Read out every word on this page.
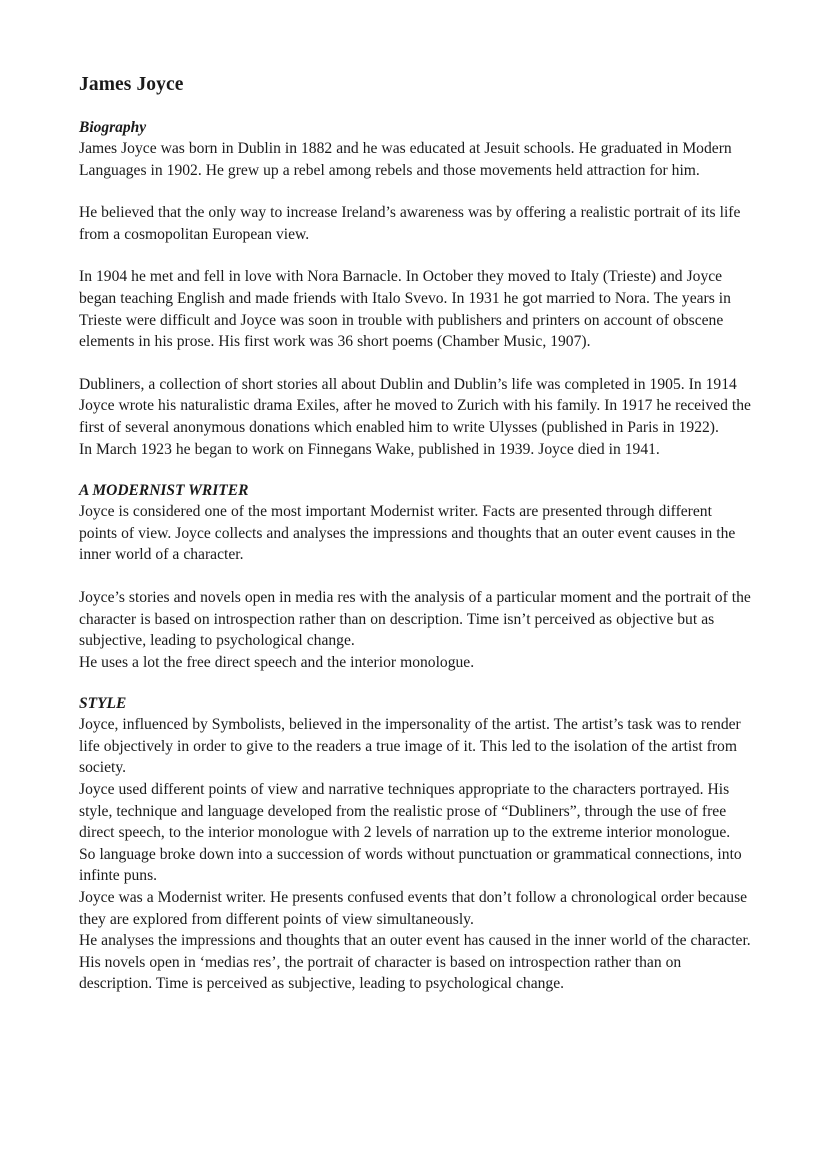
James Joyce
Biography

James Joyce was born in Dublin in 1882 and he was educated at Jesuit schools. He graduated in Modern Languages in 1902. He grew up a rebel among rebels and those movements held attraction for him.

He believed that the only way to increase Ireland’s awareness was by offering a realistic portrait of its life from a cosmopolitan European view.

In 1904 he met and fell in love with Nora Barnacle. In October they moved to Italy (Trieste) and Joyce began teaching English and made friends with Italo Svevo. In 1931 he got married to Nora. The years in Trieste were difficult and Joyce was soon in trouble with publishers and printers on account of obscene elements in his prose. His first work was 36 short poems (Chamber Music, 1907).

Dubliners, a collection of short stories all about Dublin and Dublin’s life was completed in 1905. In 1914 Joyce wrote his naturalistic drama Exiles, after he moved to Zurich with his family. In 1917 he received the first of several anonymous donations which enabled him to write Ulysses (published in Paris in 1922).

In March 1923 he began to work on Finnegans Wake, published in 1939. Joyce died in 1941.

A MODERNIST WRITER

Joyce is considered one of the most important Modernist writer. Facts are presented through different points of view. Joyce collects and analyses the impressions and thoughts that an outer event causes in the inner world of a character.

Joyce’s stories and novels open in media res with the analysis of a particular moment and the portrait of the character is based on introspection rather than on description. Time isn’t perceived as objective but as subjective, leading to psychological change.

He uses a lot the free direct speech and the interior monologue.

STYLE

Joyce, influenced by Symbolists, believed in the impersonality of the artist. The artist’s task was to render life objectively in order to give to the readers a true image of it. This led to the isolation of the artist from society.

Joyce used different points of view and narrative techniques appropriate to the characters portrayed. His style, technique and language developed from the realistic prose of “Dubliners”, through the use of free direct speech, to the interior monologue with 2 levels of narration up to the extreme interior monologue.

So language broke down into a succession of words without punctuation or grammatical connections, into infinte puns.

Joyce was a Modernist writer. He presents confused events that don’t follow a chronological order because they are explored from different points of view simultaneously.

He analyses the impressions and thoughts that an outer event has caused in the inner world of the character. His novels open in ‘medias res’, the portrait of character is based on introspection rather than on description. Time is perceived as subjective, leading to psychological change.
